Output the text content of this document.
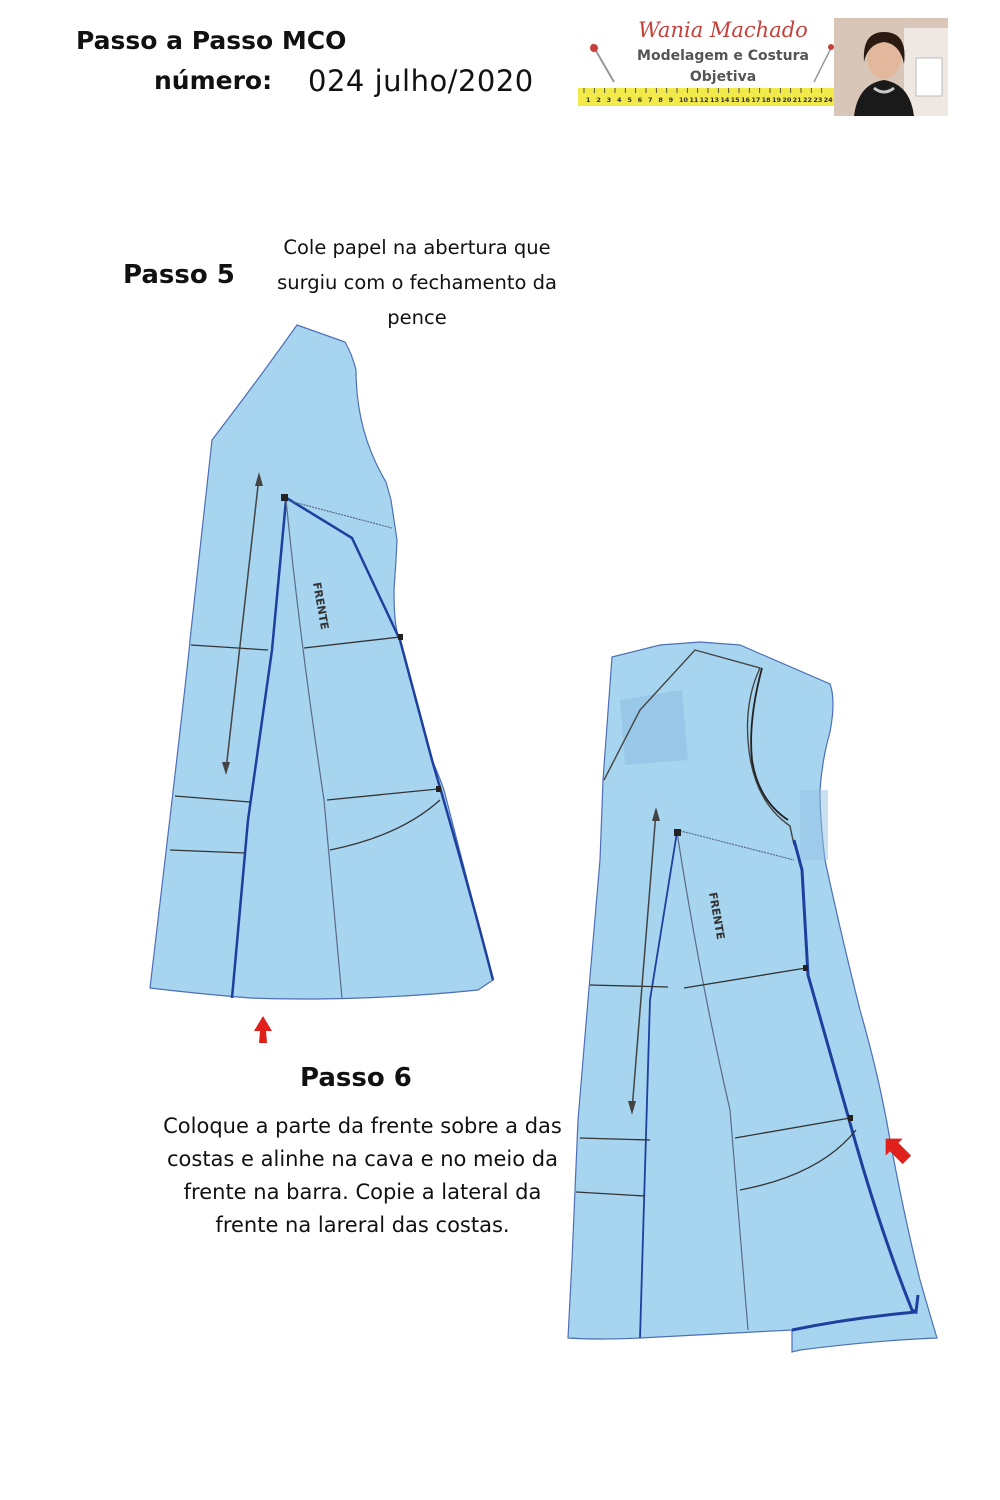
Passo a Passo MCO
número: 024 julho/2020
Wania Machado
Modelagem e Costura
Objetiva
1 2 3 4 5 6 7 8 9 10 11 12 13 14 15 16 17 18 19 20 21 22 23 24
Passo 5
Cole papel na abertura que surgiu com o fechamento da pence
Passo 6
Coloque a parte da frente sobre a das costas e alinhe na cava e no meio da frente na barra. Copie a lateral da frente na lareral das costas.
FRENTE
FRENTE
